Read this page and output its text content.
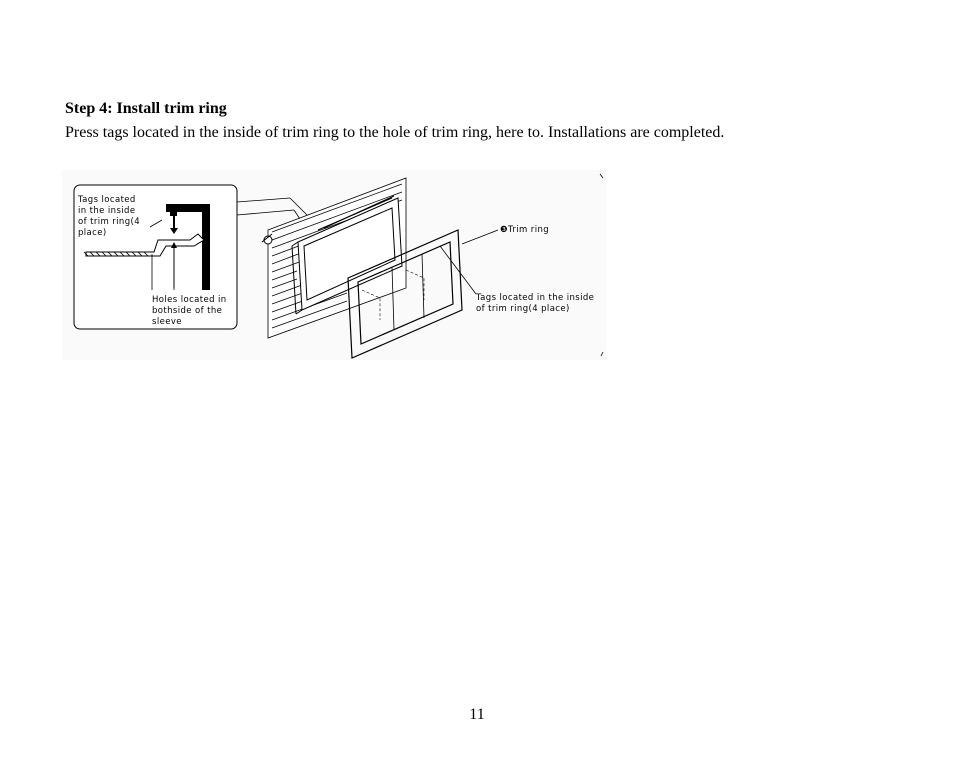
Step 4: Install trim ring
Press tags located in the inside of trim ring to the hole of trim ring, here to. Installations are completed.
Tags located
in the inside
of trim ring(4
place)
Holes located in
bothside of the
sleeve
❸Trim ring
Tags located in the inside
of trim ring(4 place)
11
